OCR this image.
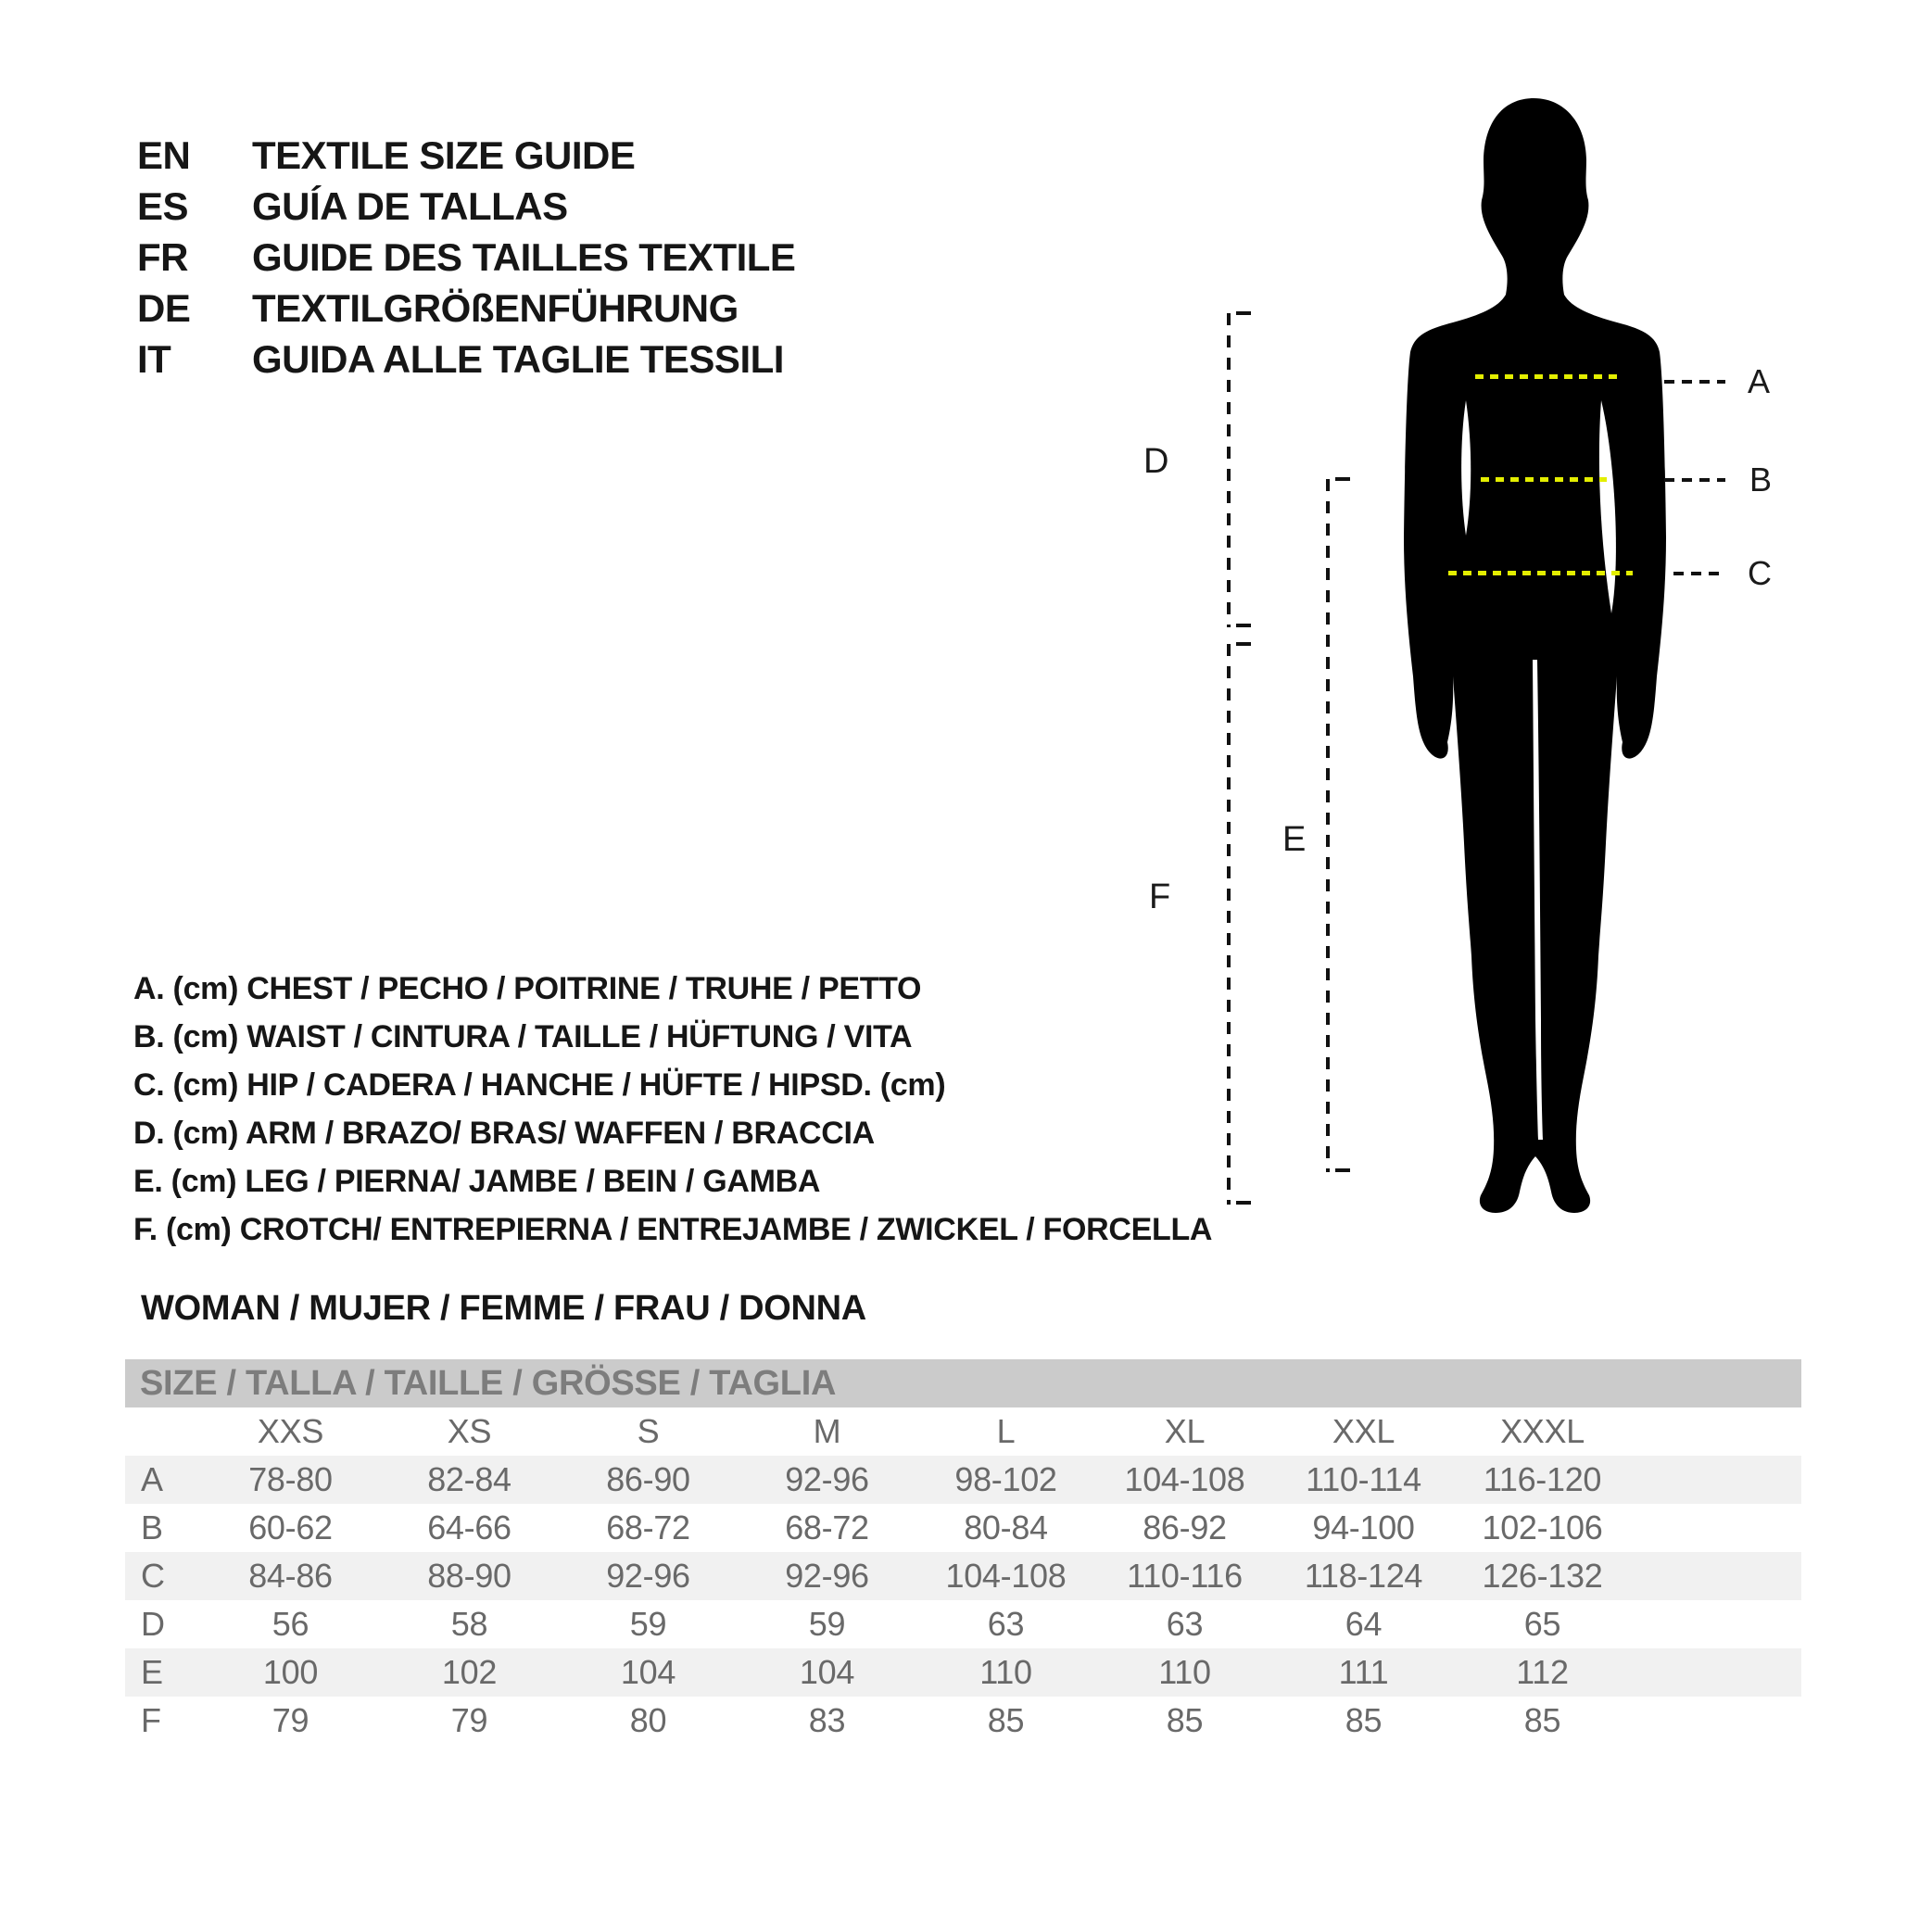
EN	TEXTILE SIZE GUIDE
ES	GUÍA DE TALLAS
FR	GUIDE DES TAILLES TEXTILE
DE	TEXTILGRÖßENFÜHRUNG
IT	GUIDA ALLE TAGLIE TESSILI
A
B
C
D
F
E
A. (cm) CHEST / PECHO / POITRINE / TRUHE / PETTO
B. (cm) WAIST / CINTURA / TAILLE / HÜFTUNG / VITA
C. (cm) HIP / CADERA / HANCHE / HÜFTE / HIPSD. (cm)
D. (cm) ARM / BRAZO/ BRAS/ WAFFEN / BRACCIA
E. (cm) LEG / PIERNA/ JAMBE / BEIN / GAMBA
F. (cm) CROTCH/ ENTREPIERNA / ENTREJAMBE / ZWICKEL / FORCELLA
WOMAN / MUJER / FEMME / FRAU / DONNA
SIZE / TALLA / TAILLE / GRÖSSE / TAGLIA
XXS	XS	S	M	L	XL	XXL	XXXL
A	78-80	82-84	86-90	92-96	98-102	104-108	110-114	116-120
B	60-62	64-66	68-72	68-72	80-84	86-92	94-100	102-106
C	84-86	88-90	92-96	92-96	104-108	110-116	118-124	126-132
D	56	58	59	59	63	63	64	65
E	100	102	104	104	110	110	111	112
F	79	79	80	83	85	85	85	85
